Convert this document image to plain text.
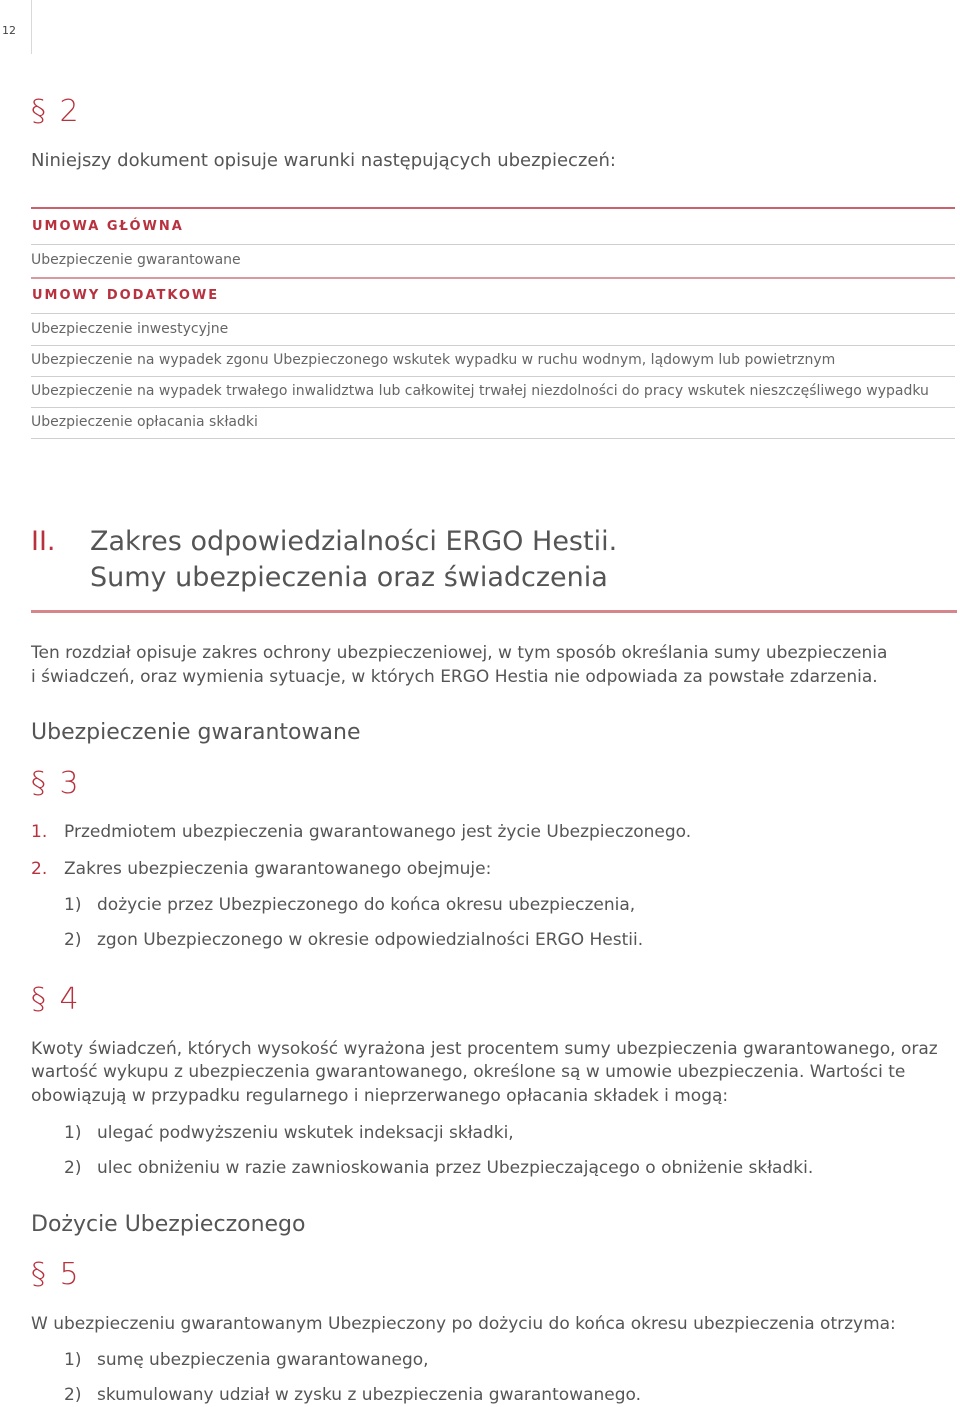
12
§ 2
Niniejszy dokument opisuje warunki następujących ubezpieczeń:
UMOWA GŁÓWNA
Ubezpieczenie gwarantowane
UMOWY DODATKOWE
Ubezpieczenie inwestycyjne
Ubezpieczenie na wypadek zgonu Ubezpieczonego wskutek wypadku w ruchu wodnym, lądowym lub powietrznym
Ubezpieczenie na wypadek trwałego inwalidztwa lub całkowitej trwałej niezdolności do pracy wskutek nieszczęśliwego wypadku
Ubezpieczenie opłacania składki
II. Zakres odpowiedzialności ERGO Hestii.
Sumy ubezpieczenia oraz świadczenia
Ten rozdział opisuje zakres ochrony ubezpieczeniowej, w tym sposób określania sumy ubezpieczenia
i świadczeń, oraz wymienia sytuacje, w których ERGO Hestia nie odpowiada za powstałe zdarzenia.
Ubezpieczenie gwarantowane
§ 3
1. Przedmiotem ubezpieczenia gwarantowanego jest życie Ubezpieczonego.
2. Zakres ubezpieczenia gwarantowanego obejmuje:
1) dożycie przez Ubezpieczonego do końca okresu ubezpieczenia,
2) zgon Ubezpieczonego w okresie odpowiedzialności ERGO Hestii.
§ 4
Kwoty świadczeń, których wysokość wyrażona jest procentem sumy ubezpieczenia gwarantowanego, oraz
wartość wykupu z ubezpieczenia gwarantowanego, określone są w umowie ubezpieczenia. Wartości te
obowiązują w przypadku regularnego i nieprzerwanego opłacania składek i mogą:
1) ulegać podwyższeniu wskutek indeksacji składki,
2) ulec obniżeniu w razie zawnioskowania przez Ubezpieczającego o obniżenie składki.
Dożycie Ubezpieczonego
§ 5
W ubezpieczeniu gwarantowanym Ubezpieczony po dożyciu do końca okresu ubezpieczenia otrzyma:
1) sumę ubezpieczenia gwarantowanego,
2) skumulowany udział w zysku z ubezpieczenia gwarantowanego.
